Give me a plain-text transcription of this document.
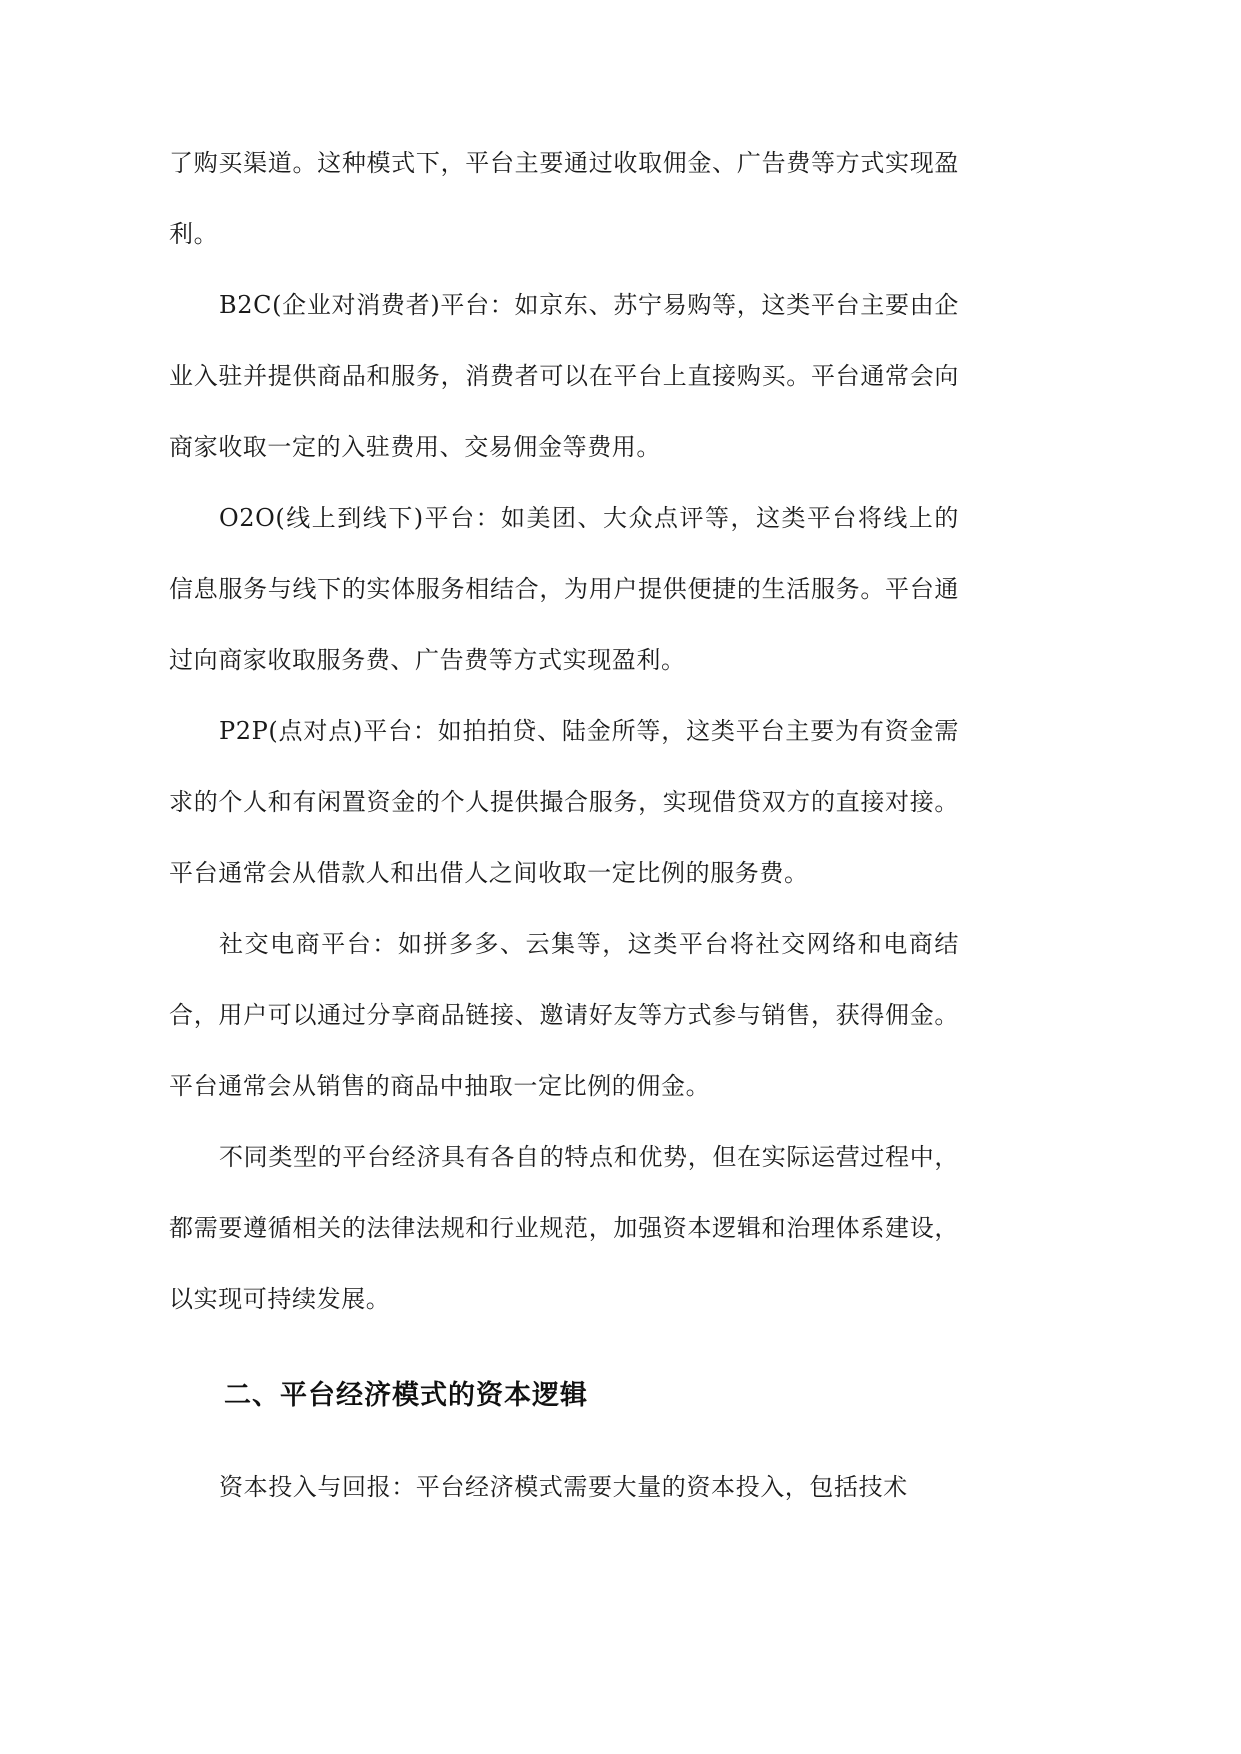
了购买渠道。这种模式下，平台主要通过收取佣金、广告费等方式实现盈利。

B2C(企业对消费者)平台：如京东、苏宁易购等，这类平台主要由企业入驻并提供商品和服务，消费者可以在平台上直接购买。平台通常会向商家收取一定的入驻费用、交易佣金等费用。

O2O(线上到线下)平台：如美团、大众点评等，这类平台将线上的信息服务与线下的实体服务相结合，为用户提供便捷的生活服务。平台通过向商家收取服务费、广告费等方式实现盈利。

P2P(点对点)平台：如拍拍贷、陆金所等，这类平台主要为有资金需求的个人和有闲置资金的个人提供撮合服务，实现借贷双方的直接对接。平台通常会从借款人和出借人之间收取一定比例的服务费。

社交电商平台：如拼多多、云集等，这类平台将社交网络和电商结合，用户可以通过分享商品链接、邀请好友等方式参与销售，获得佣金。平台通常会从销售的商品中抽取一定比例的佣金。

不同类型的平台经济具有各自的特点和优势，但在实际运营过程中，都需要遵循相关的法律法规和行业规范，加强资本逻辑和治理体系建设，以实现可持续发展。

二、平台经济模式的资本逻辑

资本投入与回报：平台经济模式需要大量的资本投入，包括技术
